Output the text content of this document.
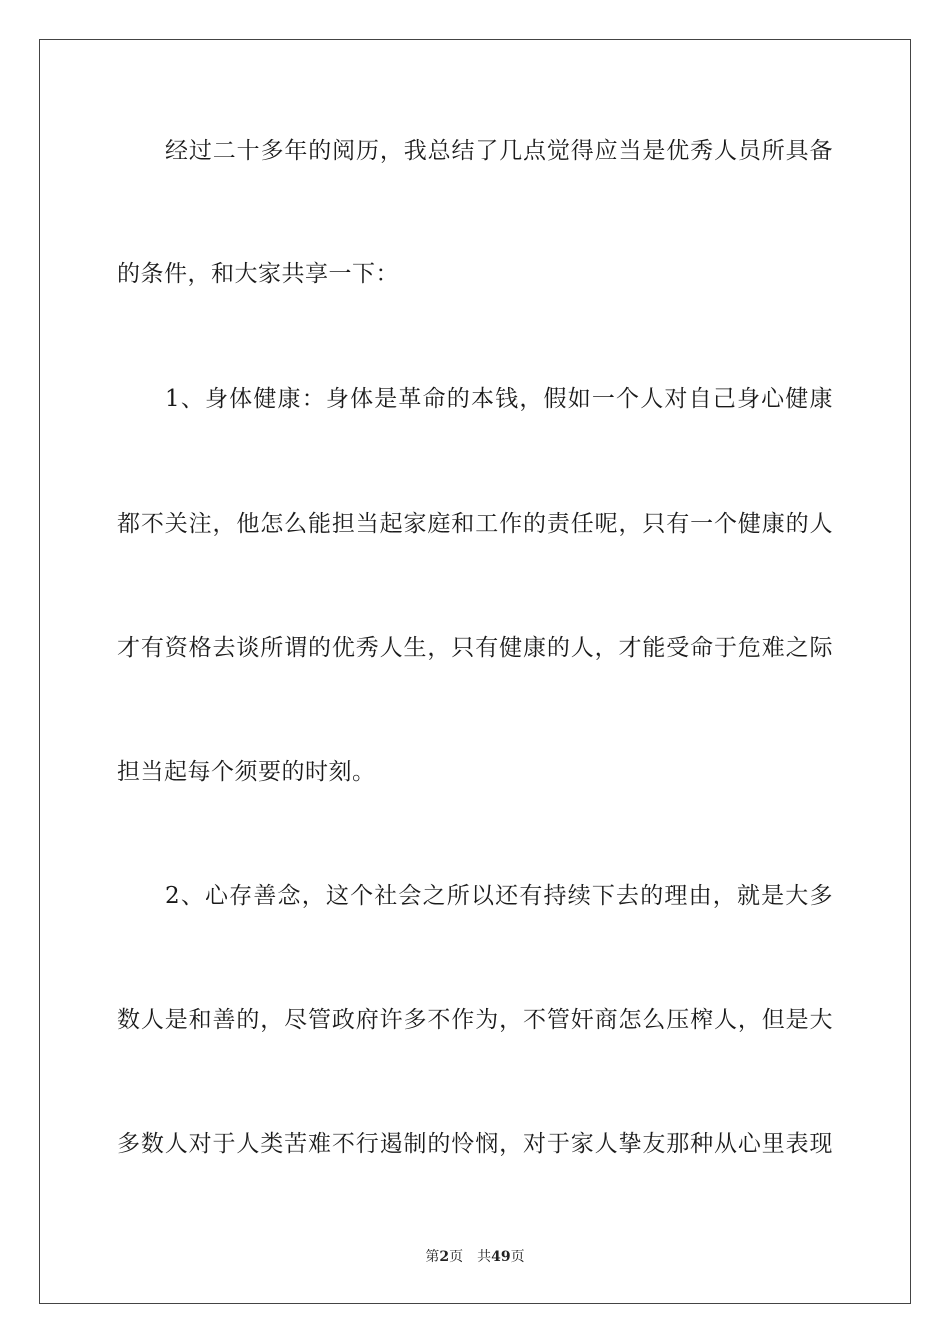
经过二十多年的阅历，我总结了几点觉得应当是优秀人员所具备
的条件，和大家共享一下：
1、身体健康：身体是革命的本钱，假如一个人对自己身心健康
都不关注，他怎么能担当起家庭和工作的责任呢，只有一个健康的人
才有资格去谈所谓的优秀人生，只有健康的人，才能受命于危难之际
担当起每个须要的时刻。
2、心存善念，这个社会之所以还有持续下去的理由，就是大多
数人是和善的，尽管政府许多不作为，不管奸商怎么压榨人，但是大
多数人对于人类苦难不行遏制的怜悯，对于家人挚友那种从心里表现
第2页 共49页
